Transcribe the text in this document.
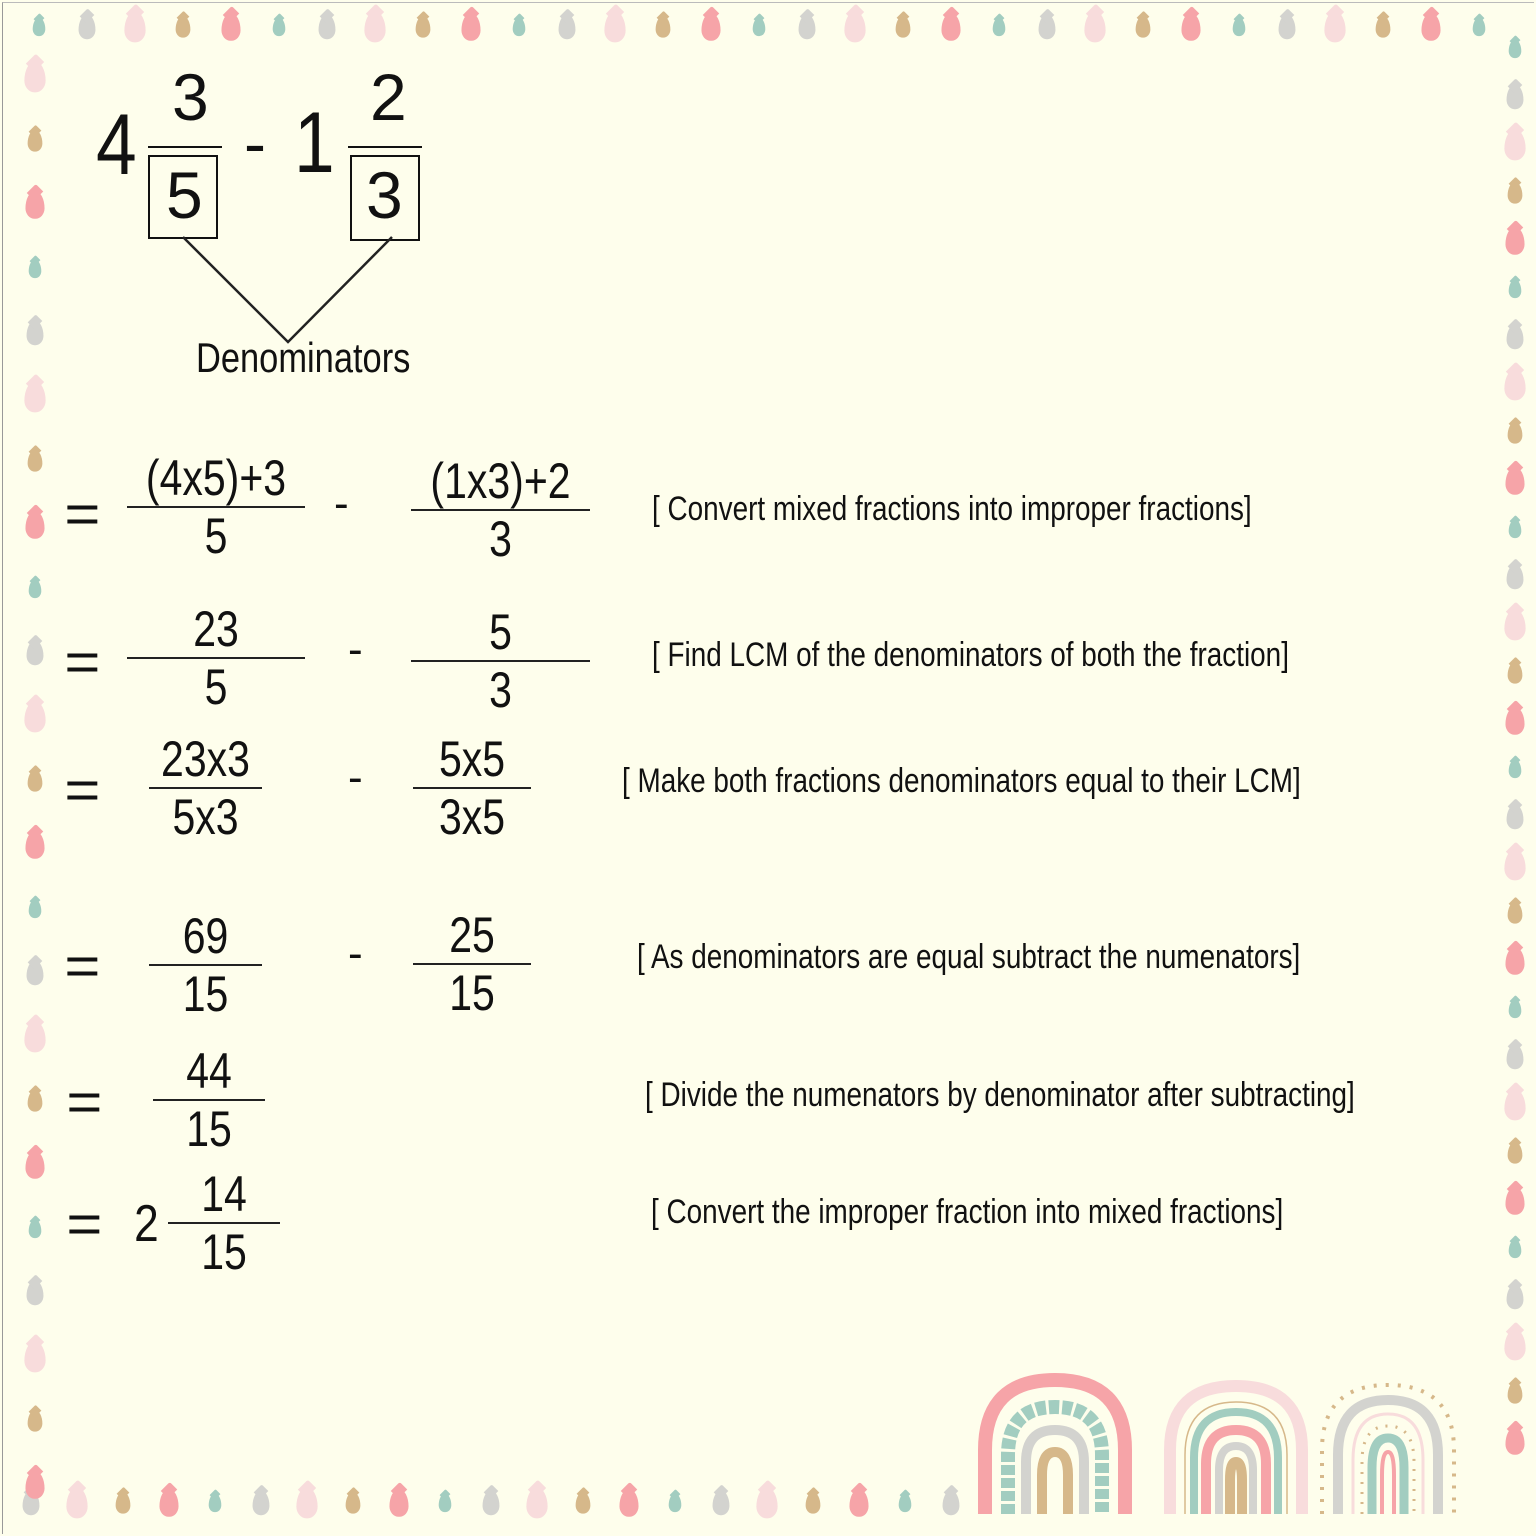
4 3
5
- 1 2
3
Denominators
=
(4x5)+3
5
- (1x3)+2
3
[ Convert mixed fractions into improper fractions]
=
23
5
-	5
3
[ Find LCM of the denominators of both the fraction]
= 23x3
5x3
-	5x5
3x5
[ Make both fractions denominators equal to their LCM]
=	69
15
-	25
15
[ As denominators are equal subtract the numenators]
=	44
15
[ Divide the numenators by denominator after subtracting]
= 2
14
15
[ Convert the improper fraction into mixed fractions]
